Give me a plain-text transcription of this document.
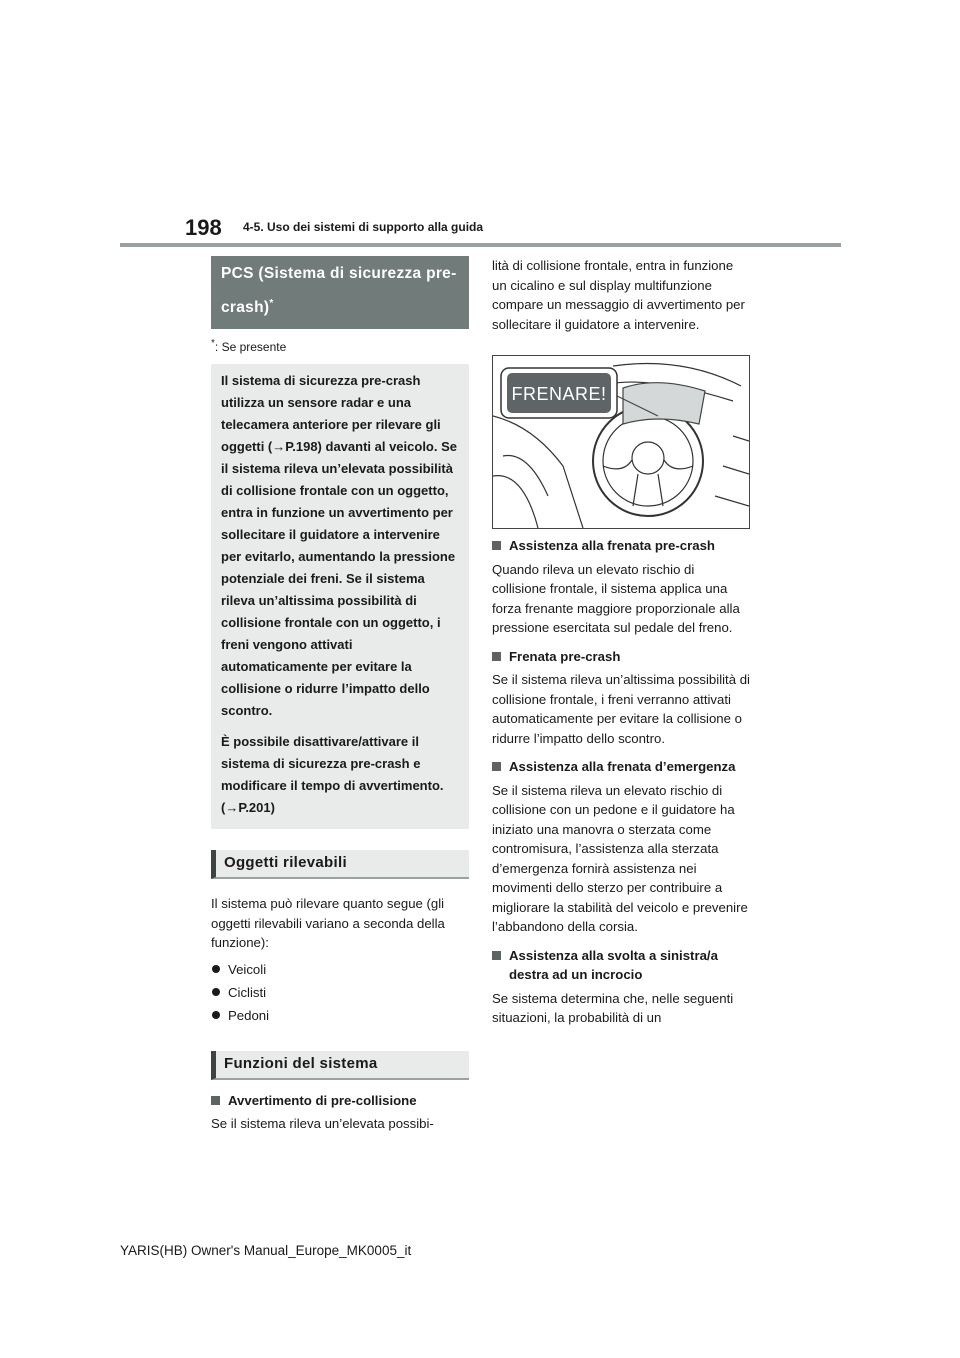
198 4-5. Uso dei sistemi di supporto alla guida
PCS (Sistema di sicurezza pre-crash)*

*: Se presente

Il sistema di sicurezza pre-crash utilizza un sensore radar e una telecamera anteriore per rilevare gli oggetti (→P.198) davanti al veicolo. Se il sistema rileva un’elevata possibilità di collisione frontale con un oggetto, entra in funzione un avvertimento per sollecitare il guidatore a intervenire per evitarlo, aumentando la pressione potenziale dei freni. Se il sistema rileva un’altissima possibilità di collisione frontale con un oggetto, i freni vengono attivati automaticamente per evitare la collisione o ridurre l’impatto dello scontro.

È possibile disattivare/attivare il sistema di sicurezza pre-crash e modificare il tempo di avvertimento. (→P.201)

Oggetti rilevabili

Il sistema può rilevare quanto segue (gli oggetti rilevabili variano a seconda della funzione):

Veicoli
Ciclisti
Pedoni
Funzioni del sistema
Avvertimento di pre-collisione

Se il sistema rileva un’elevata possibi-

lità di collisione frontale, entra in funzione un cicalino e sul display multifunzione compare un messaggio di avvertimento per sollecitare il guidatore a intervenire.

FRENARE!
Assistenza alla frenata pre-crash

Quando rileva un elevato rischio di collisione frontale, il sistema applica una forza frenante maggiore proporzionale alla pressione esercitata sul pedale del freno.

Frenata pre-crash

Se il sistema rileva un’altissima possibilità di collisione frontale, i freni verranno attivati automaticamente per evitare la collisione o ridurre l’impatto dello scontro.

Assistenza alla frenata d’emergenza

Se il sistema rileva un elevato rischio di collisione con un pedone e il guidatore ha iniziato una manovra o sterzata come contromisura, l’assistenza alla sterzata d’emergenza fornirà assistenza nei movimenti dello sterzo per contribuire a migliorare la stabilità del veicolo e prevenire l’abbandono della corsia.

Assistenza alla svolta a sinistra/a destra ad un incrocio

Se sistema determina che, nelle seguenti situazioni, la probabilità di un

YARIS(HB) Owner's Manual_Europe_MK0005_it
